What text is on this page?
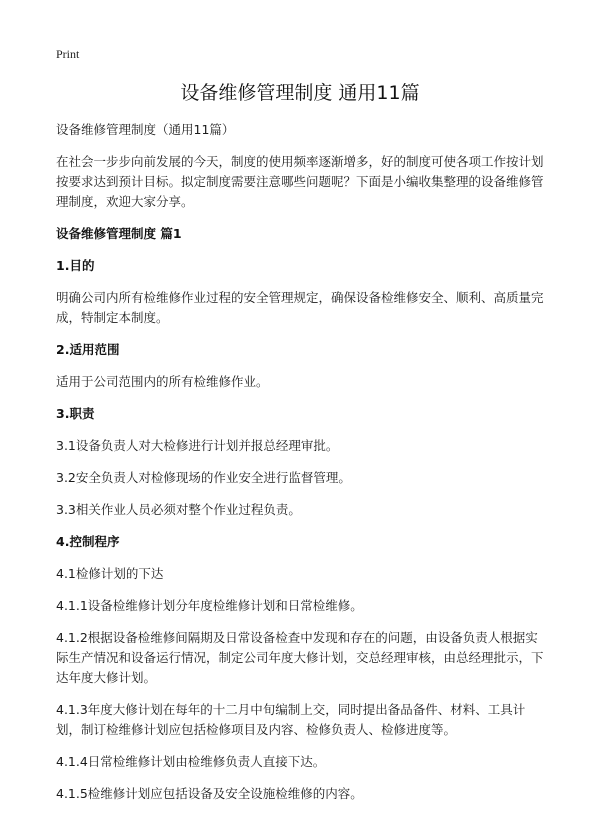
Print
设备维修管理制度 通用11篇
设备维修管理制度（通用11篇）
在社会一步步向前发展的今天，制度的使用频率逐渐增多，好的制度可使各项工作按计划按要求达到预计目标。拟定制度需要注意哪些问题呢？下面是小编收集整理的设备维修管理制度，欢迎大家分享。
设备维修管理制度 篇1
1.目的
明确公司内所有检维修作业过程的安全管理规定，确保设备检维修安全、顺利、高质量完成，特制定本制度。
2.适用范围
适用于公司范围内的所有检维修作业。
3.职责
3.1设备负责人对大检修进行计划并报总经理审批。
3.2安全负责人对检修现场的作业安全进行监督管理。
3.3相关作业人员必须对整个作业过程负责。
4.控制程序
4.1检修计划的下达
4.1.1设备检维修计划分年度检维修计划和日常检维修。
4.1.2根据设备检维修间隔期及日常设备检查中发现和存在的问题，由设备负责人根据实际生产情况和设备运行情况，制定公司年度大修计划，交总经理审核，由总经理批示，下达年度大修计划。
4.1.3年度大修计划在每年的十二月中旬编制上交，同时提出备品备件、材料、工具计划，制订检维修计划应包括检修项目及内容、检修负责人、检修进度等。
4.1.4日常检维修计划由检维修负责人直接下达。
4.1.5检维修计划应包括设备及安全设施检维修的内容。
